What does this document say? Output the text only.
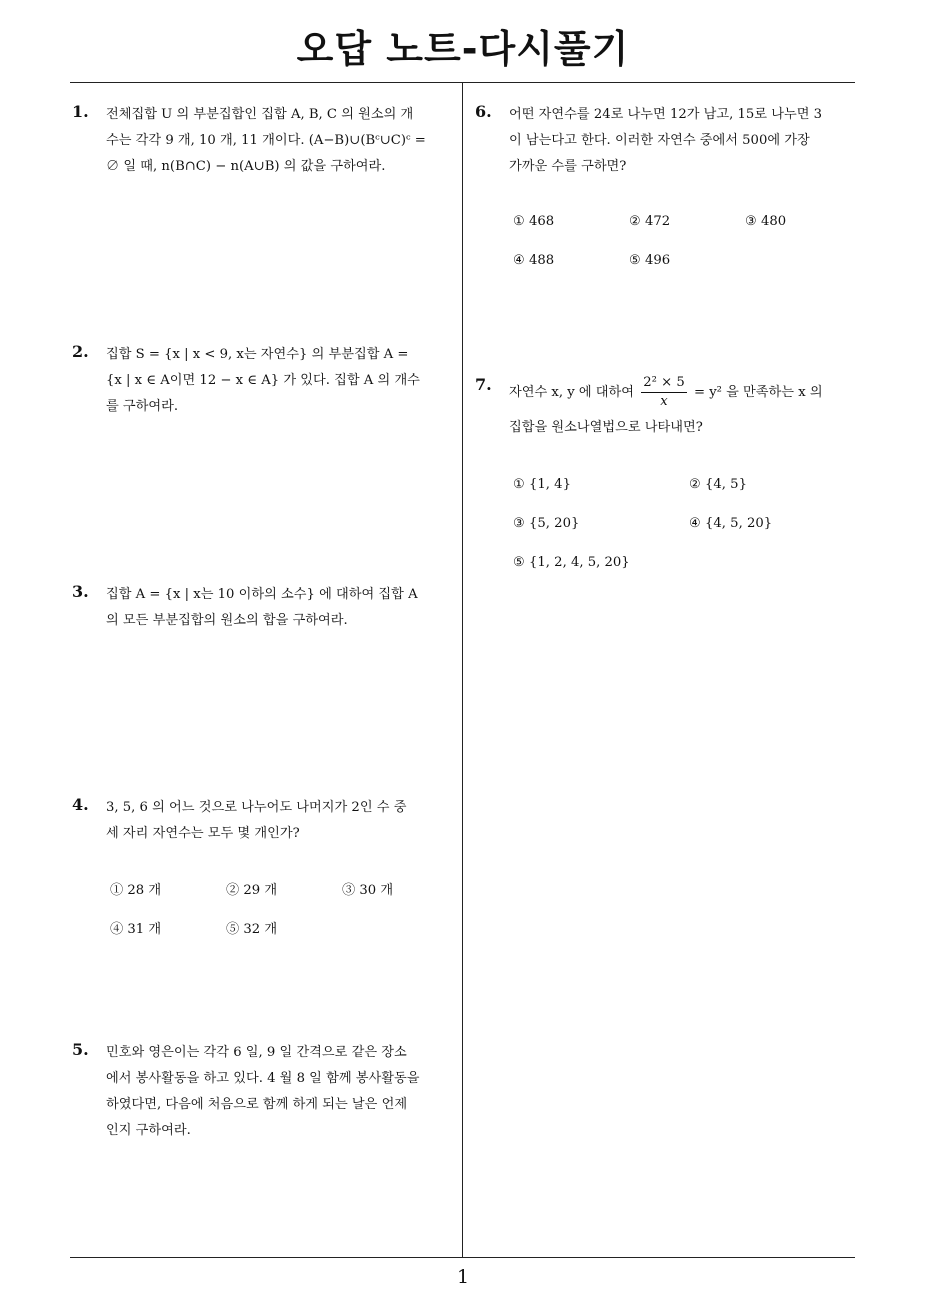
오답 노트-다시풀기
1. 전체집합 U 의 부분집합인 집합 A, B, C 의 원소의 개
수는 각각 9 개, 10 개, 11 개이다. (A−B)∪(Bᶜ∪C)ᶜ =
∅ 일 때, n(B∩C) − n(A∪B) 의 값을 구하여라.
2. 집합 S = {x | x < 9, x는 자연수} 의 부분집합 A =
{x | x ∈ A이면 12 − x ∈ A} 가 있다. 집합 A 의 개수
를 구하여라.
3. 집합 A = {x | x는 10 이하의 소수} 에 대하여 집합 A
의 모든 부분집합의 원소의 합을 구하여라.
4. 3, 5, 6 의 어느 것으로 나누어도 나머지가 2인 수 중
세 자리 자연수는 모두 몇 개인가?
① 28 개	② 29 개	③ 30 개
④ 31 개	⑤ 32 개
5. 민호와 영은이는 각각 6 일, 9 일 간격으로 같은 장소
에서 봉사활동을 하고 있다. 4 월 8 일 함께 봉사활동을
하였다면, 다음에 처음으로 함께 하게 되는 날은 언제
인지 구하여라.
6. 어떤 자연수를 24로 나누면 12가 남고, 15로 나누면 3
이 남는다고 한다. 이러한 자연수 중에서 500에 가장
가까운 수를 구하면?
① 468	② 472	③ 480
④ 488	⑤ 496
7. 자연수 x, y 에 대하여 $\frac{\text{2² × 5}}{x} = y^2$ 을 만족하는 x 의
집합을 원소나열법으로 나타내면?
① {1, 4}	② {4, 5}
③ {5, 20}	④ {4, 5, 20}
⑤ {1, 2, 4, 5, 20}
1
